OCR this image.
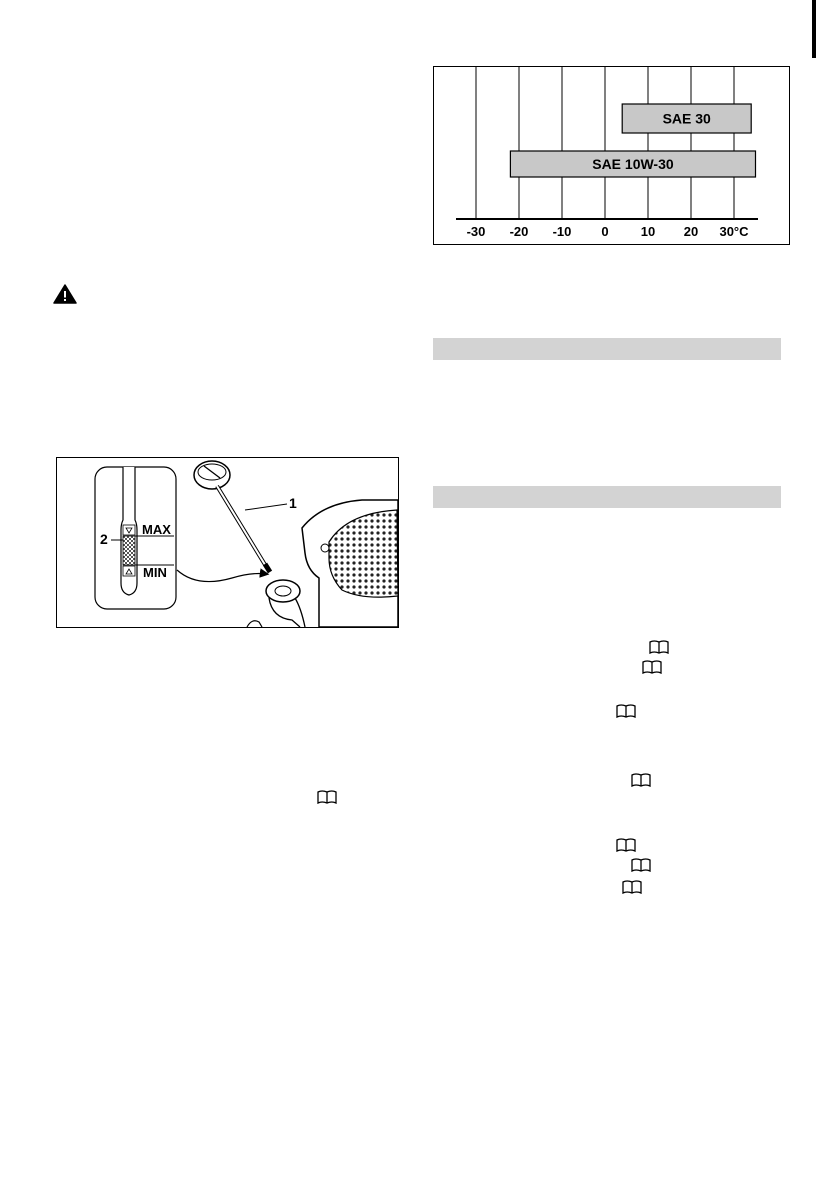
2
MAX
MIN
1
-30 -20 -10 0 10 20 30°C
SAE 30
SAE 10W-30
